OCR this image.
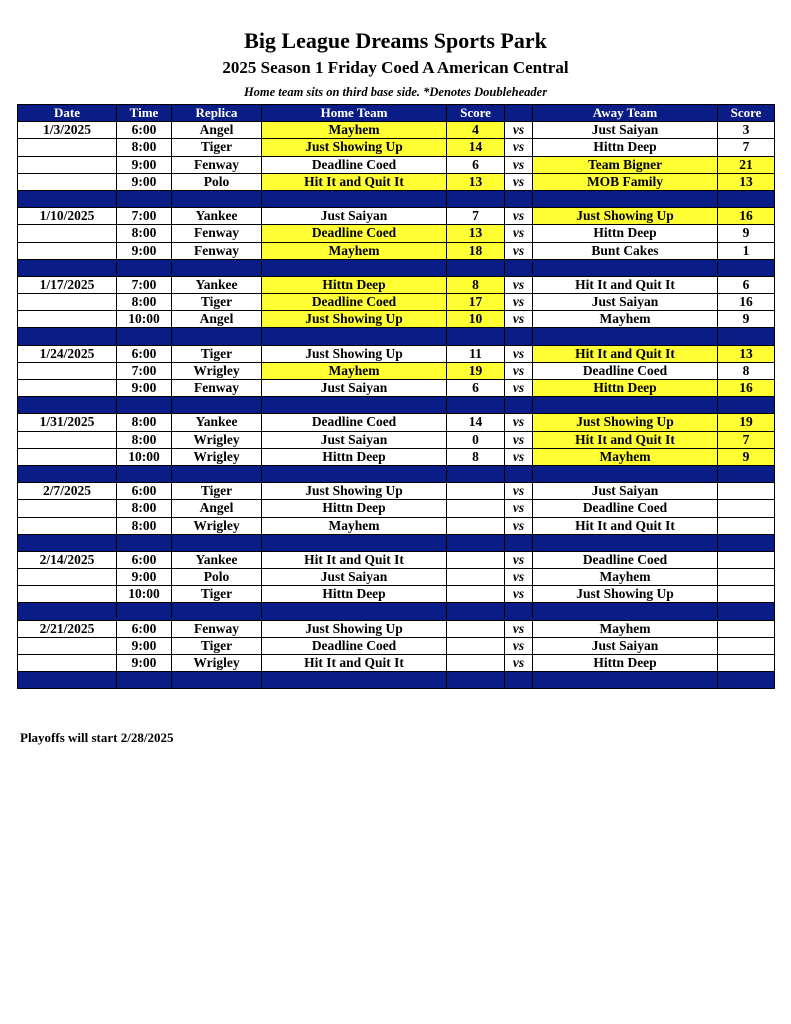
Big League Dreams Sports Park
2025 Season 1 Friday Coed A American Central
Home team sits on third base side. *Denotes Doubleheader
Date	Time	Replica	Home Team	Score		Away Team	Score
1/3/2025	6:00	Angel	Mayhem	4	vs	Just Saiyan	3
	8:00	Tiger	Just Showing Up	14	vs	Hittn Deep	7
	9:00	Fenway	Deadline Coed	6	vs	Team Bigner	21
	9:00	Polo	Hit It and Quit It	13	vs	MOB Family	13

1/10/2025	7:00	Yankee	Just Saiyan	7	vs	Just Showing Up	16
	8:00	Fenway	Deadline Coed	13	vs	Hittn Deep	9
	9:00	Fenway	Mayhem	18	vs	Bunt Cakes	1

1/17/2025	7:00	Yankee	Hittn Deep	8	vs	Hit It and Quit It	6
	8:00	Tiger	Deadline Coed	17	vs	Just Saiyan	16
	10:00	Angel	Just Showing Up	10	vs	Mayhem	9

1/24/2025	6:00	Tiger	Just Showing Up	11	vs	Hit It and Quit It	13
	7:00	Wrigley	Mayhem	19	vs	Deadline Coed	8
	9:00	Fenway	Just Saiyan	6	vs	Hittn Deep	16

1/31/2025	8:00	Yankee	Deadline Coed	14	vs	Just Showing Up	19
	8:00	Wrigley	Just Saiyan	0	vs	Hit It and Quit It	7
	10:00	Wrigley	Hittn Deep	8	vs	Mayhem	9

2/7/2025	6:00	Tiger	Just Showing Up		vs	Just Saiyan	
	8:00	Angel	Hittn Deep		vs	Deadline Coed	
	8:00	Wrigley	Mayhem		vs	Hit It and Quit It	

2/14/2025	6:00	Yankee	Hit It and Quit It		vs	Deadline Coed	
	9:00	Polo	Just Saiyan		vs	Mayhem	
	10:00	Tiger	Hittn Deep		vs	Just Showing Up	

2/21/2025	6:00	Fenway	Just Showing Up		vs	Mayhem	
	9:00	Tiger	Deadline Coed		vs	Just Saiyan	
	9:00	Wrigley	Hit It and Quit It		vs	Hittn Deep	

Playoffs will start 2/28/2025
